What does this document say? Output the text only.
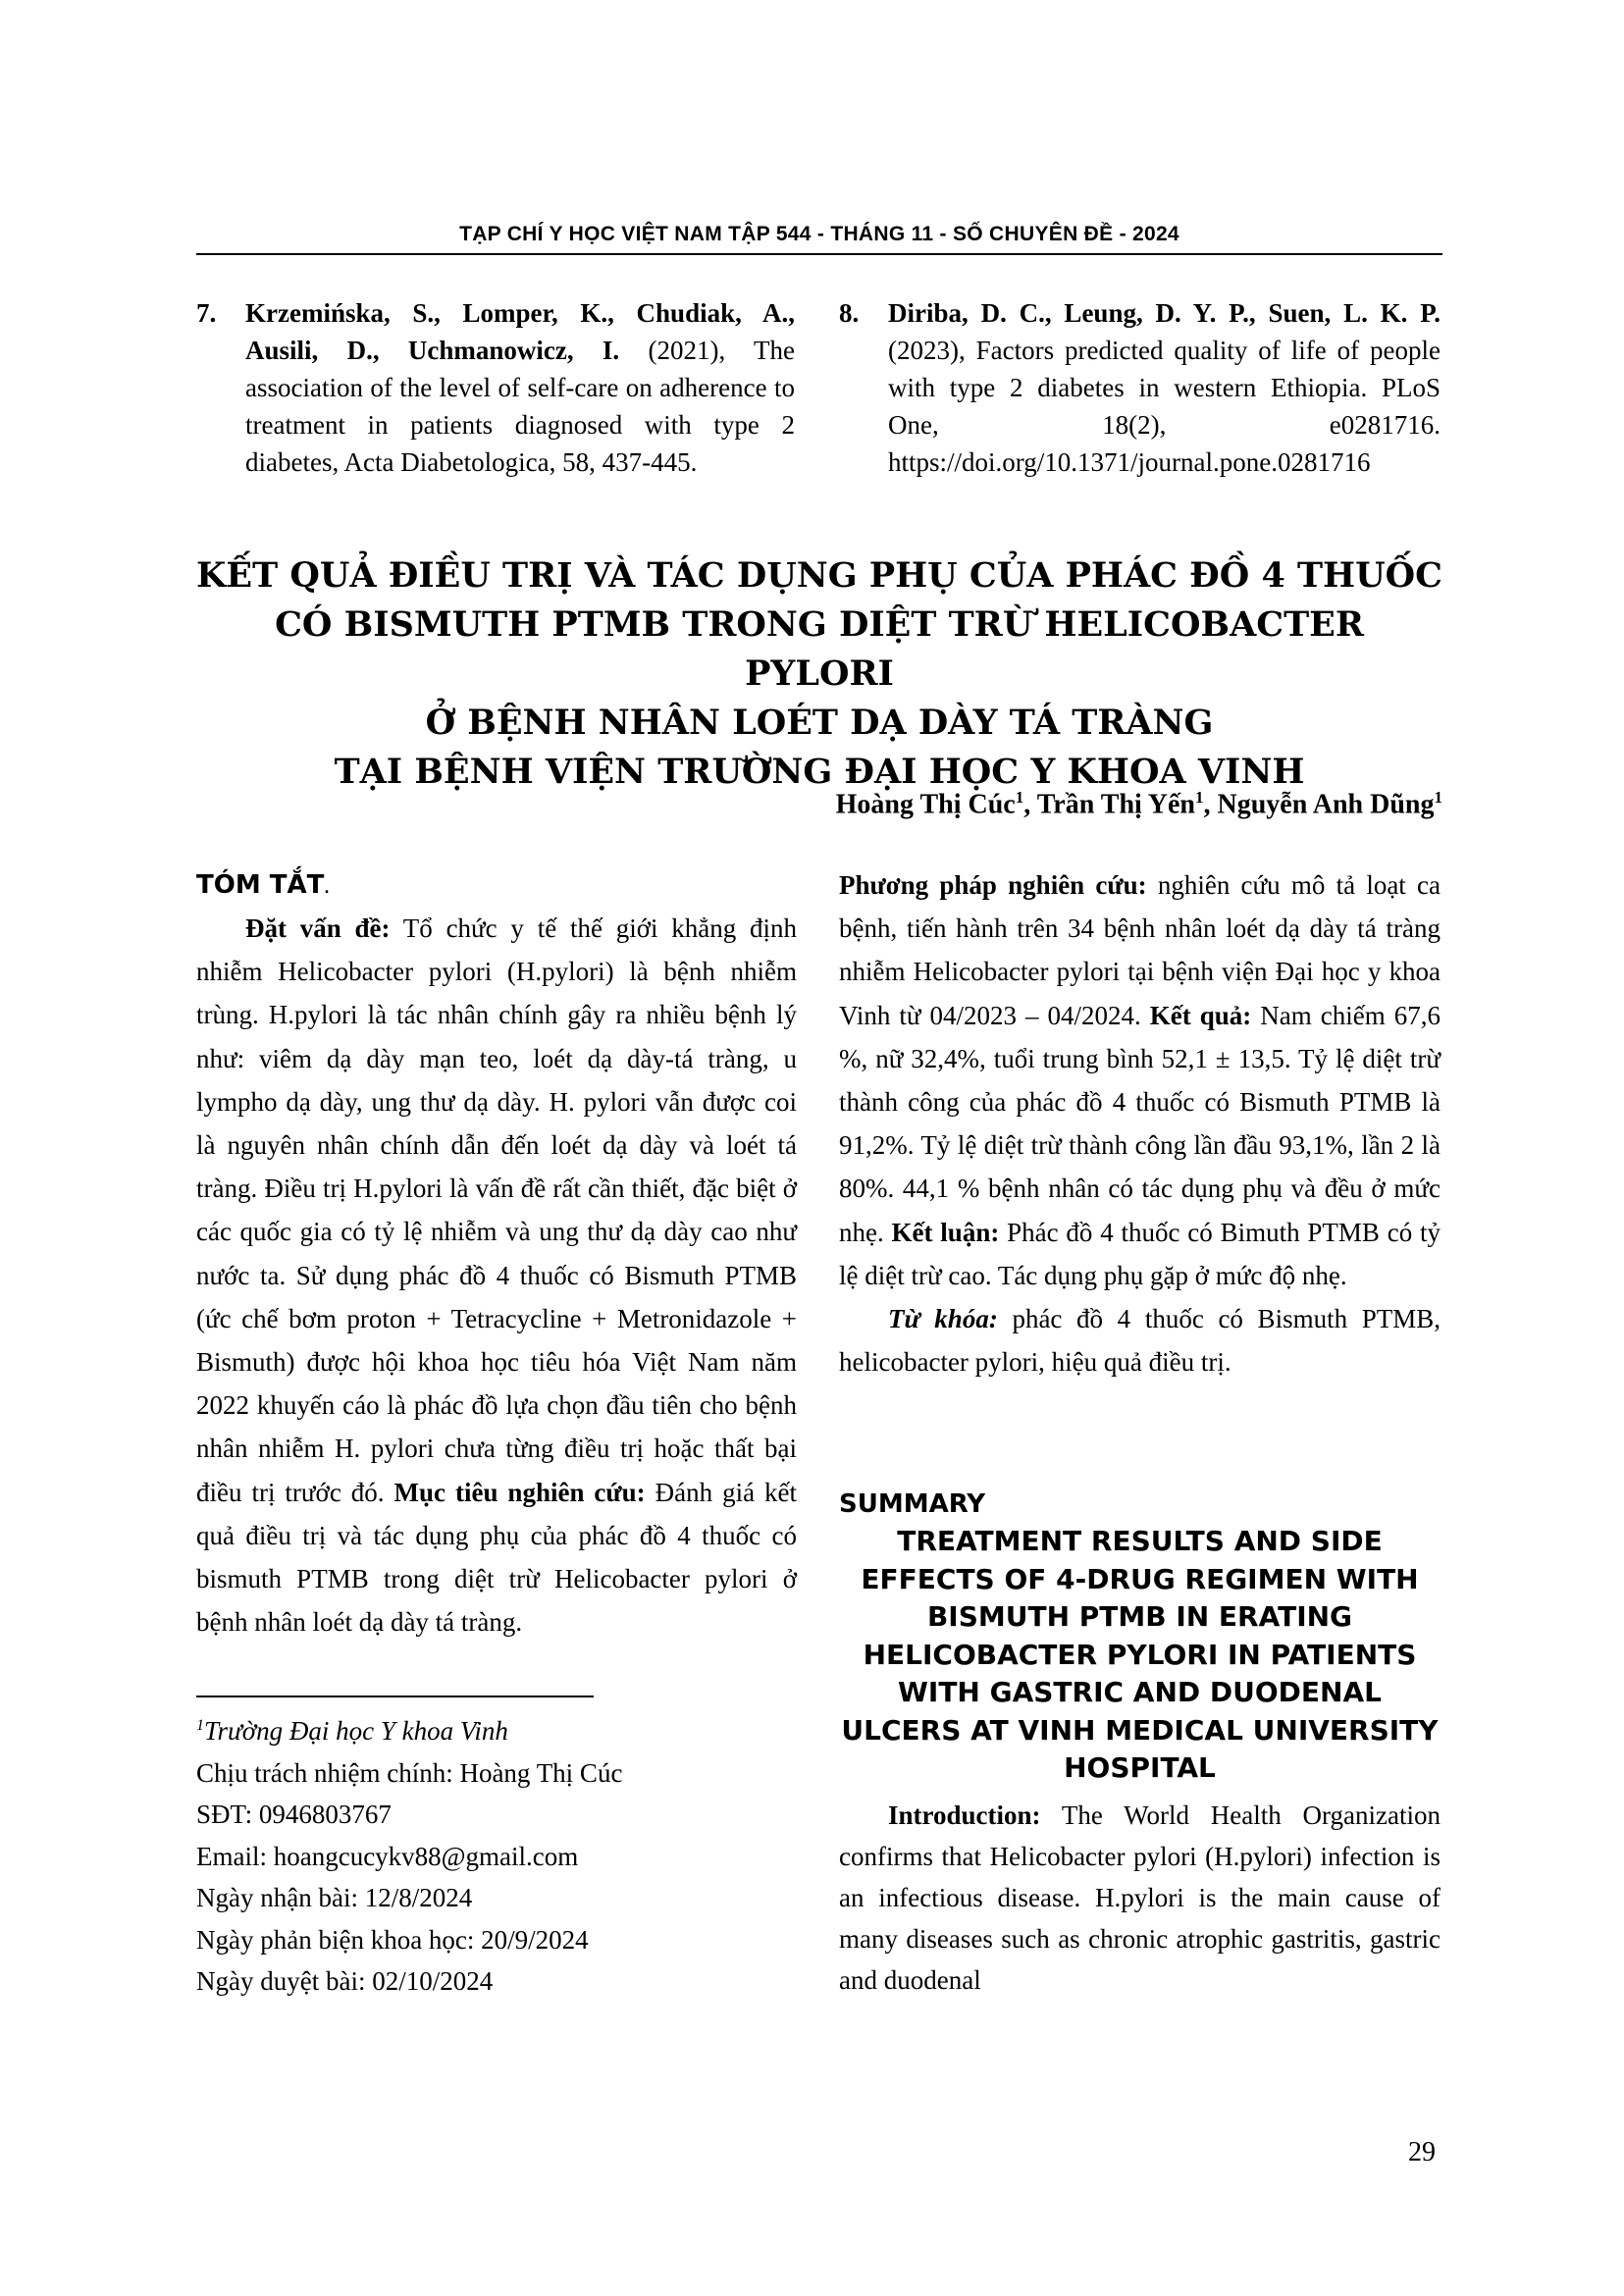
TẠP CHÍ Y HỌC VIỆT NAM TẬP 544 - THÁNG 11 - SỐ CHUYÊN ĐỀ - 2024
7. Krzemińska, S., Lomper, K., Chudiak, A., Ausili, D., Uchmanowicz, I. (2021), The association of the level of self-care on adherence to treatment in patients diagnosed with type 2 diabetes, Acta Diabetologica, 58, 437-445.
8. Diriba, D. C., Leung, D. Y. P., Suen, L. K. P. (2023), Factors predicted quality of life of people with type 2 diabetes in western Ethiopia. PLoS One, 18(2), e0281716. https://doi.org/10.1371/journal.pone.0281716
KẾT QUẢ ĐIỀU TRỊ VÀ TÁC DỤNG PHỤ CỦA PHÁC ĐỒ 4 THUỐC
CÓ BISMUTH PTMB TRONG DIỆT TRỪ HELICOBACTER PYLORI
Ở BỆNH NHÂN LOÉT DẠ DÀY TÁ TRÀNG
TẠI BỆNH VIỆN TRƯỜNG ĐẠI HỌC Y KHOA VINH
Hoàng Thị Cúc$^1$, Trần Thị Yến$^1$, Nguyễn Anh Dũng$^1$
TÓM TẮT.

Đặt vấn đề: Tổ chức y tế thế giới khẳng định nhiễm Helicobacter pylori (H.pylori) là bệnh nhiễm trùng. H.pylori là tác nhân chính gây ra nhiều bệnh lý như: viêm dạ dày mạn teo, loét dạ dày-tá tràng, u lympho dạ dày, ung thư dạ dày. H. pylori vẫn được coi là nguyên nhân chính dẫn đến loét dạ dày và loét tá tràng. Điều trị H.pylori là vấn đề rất cần thiết, đặc biệt ở các quốc gia có tỷ lệ nhiễm và ung thư dạ dày cao như nước ta. Sử dụng phác đồ 4 thuốc có Bismuth PTMB (ức chế bơm proton + Tetracycline + Metronidazole + Bismuth) được hội khoa học tiêu hóa Việt Nam năm 2022 khuyến cáo là phác đồ lựa chọn đầu tiên cho bệnh nhân nhiễm H. pylori chưa từng điều trị hoặc thất bại điều trị trước đó. Mục tiêu nghiên cứu: Đánh giá kết quả điều trị và tác dụng phụ của phác đồ 4 thuốc có bismuth PTMB trong diệt trừ Helicobacter pylori ở bệnh nhân loét dạ dày tá tràng.

$^1$Trường Đại học Y khoa Vinh
Chịu trách nhiệm chính: Hoàng Thị Cúc
SĐT: 0946803767
Email: hoangcucykv88@gmail.com
Ngày nhận bài: 12/8/2024
Ngày phản biện khoa học: 20/9/2024
Ngày duyệt bài: 02/10/2024

Phương pháp nghiên cứu: nghiên cứu mô tả loạt ca bệnh, tiến hành trên 34 bệnh nhân loét dạ dày tá tràng nhiễm Helicobacter pylori tại bệnh viện Đại học y khoa Vinh từ 04/2023 – 04/2024. Kết quả: Nam chiếm 67,6 %, nữ 32,4%, tuổi trung bình 52,1 ± 13,5. Tỷ lệ diệt trừ thành công của phác đồ 4 thuốc có Bismuth PTMB là 91,2%. Tỷ lệ diệt trừ thành công lần đầu 93,1%, lần 2 là 80%. 44,1 % bệnh nhân có tác dụng phụ và đều ở mức nhẹ. Kết luận: Phác đồ 4 thuốc có Bimuth PTMB có tỷ lệ diệt trừ cao. Tác dụng phụ gặp ở mức độ nhẹ.

Từ khóa: phác đồ 4 thuốc có Bismuth PTMB, helicobacter pylori, hiệu quả điều trị.

SUMMARY
TREATMENT RESULTS AND SIDE
EFFECTS OF 4-DRUG REGIMEN WITH
BISMUTH PTMB IN ERATING
HELICOBACTER PYLORI IN PATIENTS
WITH GASTRIC AND DUODENAL
ULCERS AT VINH MEDICAL UNIVERSITY
HOSPITAL

Introduction: The World Health Organization confirms that Helicobacter pylori (H.pylori) infection is an infectious disease. H.pylori is the main cause of many diseases such as chronic atrophic gastritis, gastric and duodenal

29
